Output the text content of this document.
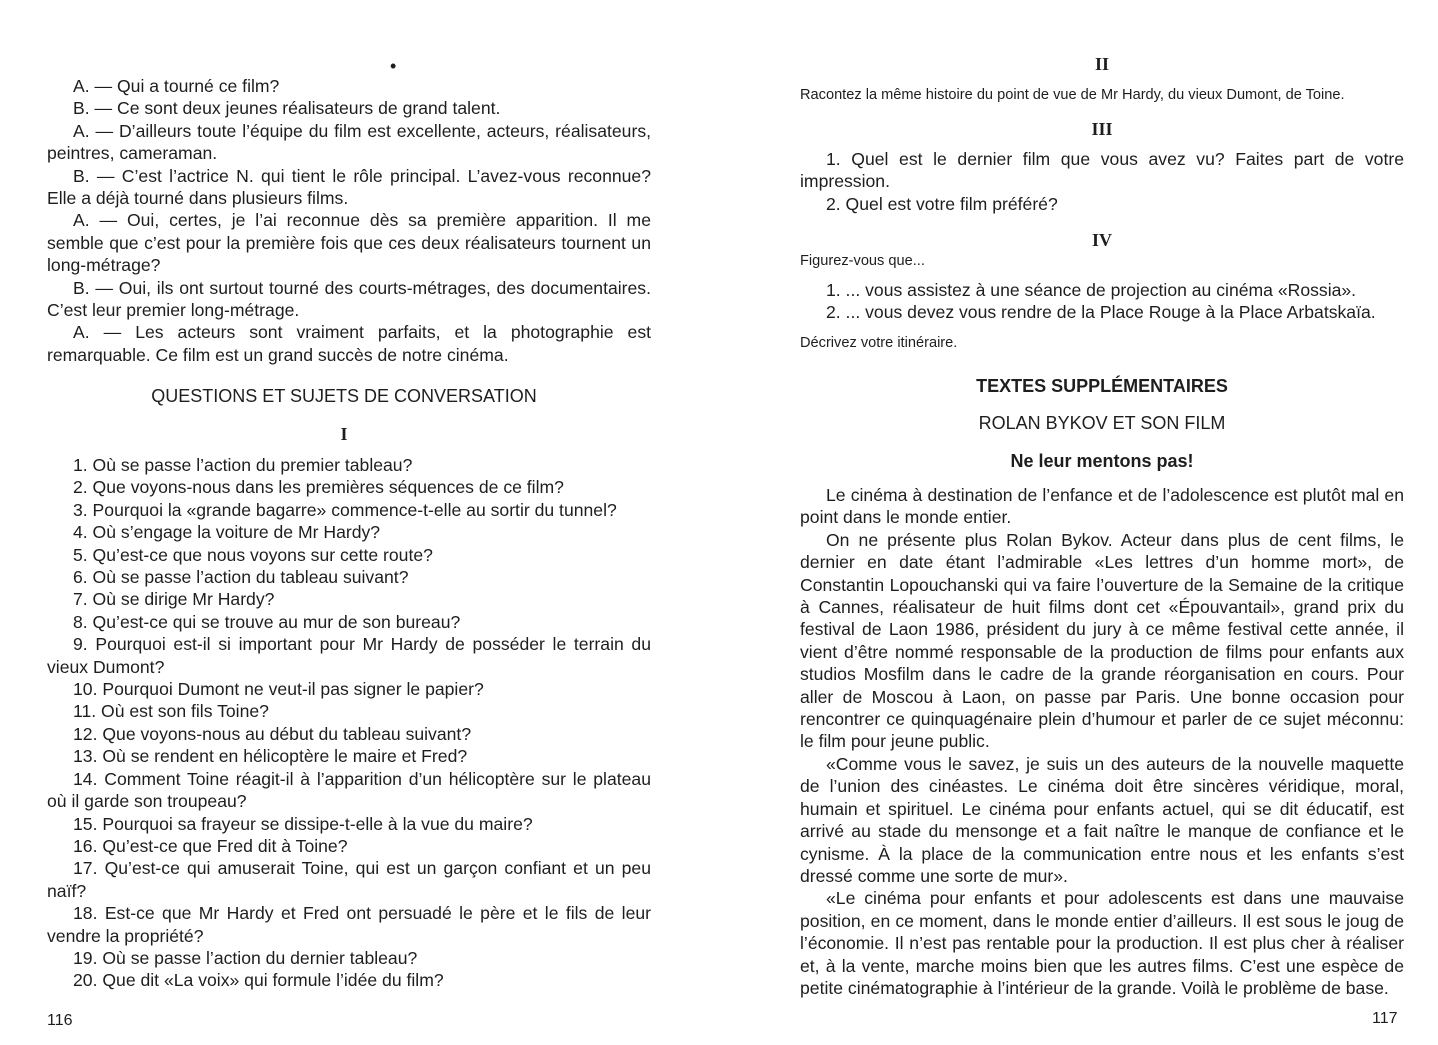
•

A. — Qui a tourné ce film?

B. — Ce sont deux jeunes réalisateurs de grand talent.

A. — D’ailleurs toute l’équipe du film est excellente, acteurs, réalisateurs, peintres, cameraman.

B. — C’est l’actrice N. qui tient le rôle principal. L’avez-vous reconnue? Elle a déjà tourné dans plusieurs films.

A. — Oui, certes, je l’ai reconnue dès sa première apparition. Il me semble que c’est pour la première fois que ces deux réalisateurs tournent un long-métrage?

B. — Oui, ils ont surtout tourné des courts-métrages, des documentaires. C’est leur premier long-métrage.

A. — Les acteurs sont vraiment parfaits, et la photographie est remarquable. Ce film est un grand succès de notre cinéma.

QUESTIONS ET SUJETS DE CONVERSATION
I

1. Où se passe l’action du premier tableau?

2. Que voyons-nous dans les premières séquences de ce film?

3. Pourquoi la «grande bagarre» commence-t-elle au sortir du tunnel?

4. Où s’engage la voiture de Mr Hardy?

5. Qu’est-ce que nous voyons sur cette route?

6. Où se passe l’action du tableau suivant?

7. Où se dirige Mr Hardy?

8. Qu’est-ce qui se trouve au mur de son bureau?

9. Pourquoi est-il si important pour Mr Hardy de posséder le terrain du vieux Dumont?

10. Pourquoi Dumont ne veut-il pas signer le papier?

11. Où est son fils Toine?

12. Que voyons-nous au début du tableau suivant?

13. Où se rendent en hélicoptère le maire et Fred?

14. Comment Toine réagit-il à l’apparition d’un hélicoptère sur le plateau où il garde son troupeau?

15. Pourquoi sa frayeur se dissipe-t-elle à la vue du maire?

16. Qu’est-ce que Fred dit à Toine?

17. Qu’est-ce qui amuserait Toine, qui est un garçon confiant et un peu naïf?

18. Est-ce que Mr Hardy et Fred ont persuadé le père et le fils de leur vendre la propriété?

19. Où se passe l’action du dernier tableau?

20. Que dit «La voix» qui formule l’idée du film?

116
II
Racontez la même histoire du point de vue de Mr Hardy, du vieux Dumont, de Toine.
III

1. Quel est le dernier film que vous avez vu? Faites part de votre impression.

2. Quel est votre film préféré?

IV
Figurez-vous que...

1. ... vous assistez à une séance de projection au cinéma «Rossia».

2. ... vous devez vous rendre de la Place Rouge à la Place Arbatskaïa.

Décrivez votre itinéraire.
TEXTES SUPPLÉMENTAIRES
ROLAN BYKOV ET SON FILM
Ne leur mentons pas!

Le cinéma à destination de l’enfance et de l’adolescence est plutôt mal en point dans le monde entier.

On ne présente plus Rolan Bykov. Acteur dans plus de cent films, le dernier en date étant l’admirable «Les lettres d’un homme mort», de Constantin Lopouchanski qui va faire l’ouverture de la Semaine de la critique à Cannes, réalisateur de huit films dont cet «Épouvantail», grand prix du festival de Laon 1986, président du jury à ce même festival cette année, il vient d’être nommé responsable de la production de films pour enfants aux studios Mosfilm dans le cadre de la grande réorganisation en cours. Pour aller de Moscou à Laon, on passe par Paris. Une bonne occasion pour rencontrer ce quinquagénaire plein d’humour et parler de ce sujet méconnu: le film pour jeune public.

«Comme vous le savez, je suis un des auteurs de la nouvelle maquette de l’union des cinéastes. Le cinéma doit être sincères véridique, moral, humain et spirituel. Le cinéma pour enfants actuel, qui se dit éducatif, est arrivé au stade du mensonge et a fait naître le manque de confiance et le cynisme. À la place de la communication entre nous et les enfants s’est dressé comme une sorte de mur».

«Le cinéma pour enfants et pour adolescents est dans une mauvaise position, en ce moment, dans le monde entier d’ailleurs. Il est sous le joug de l’économie. Il n’est pas rentable pour la production. Il est plus cher à réaliser et, à la vente, marche moins bien que les autres films. C’est une espèce de petite cinématographie à l’intérieur de la grande. Voilà le problème de base.

117
